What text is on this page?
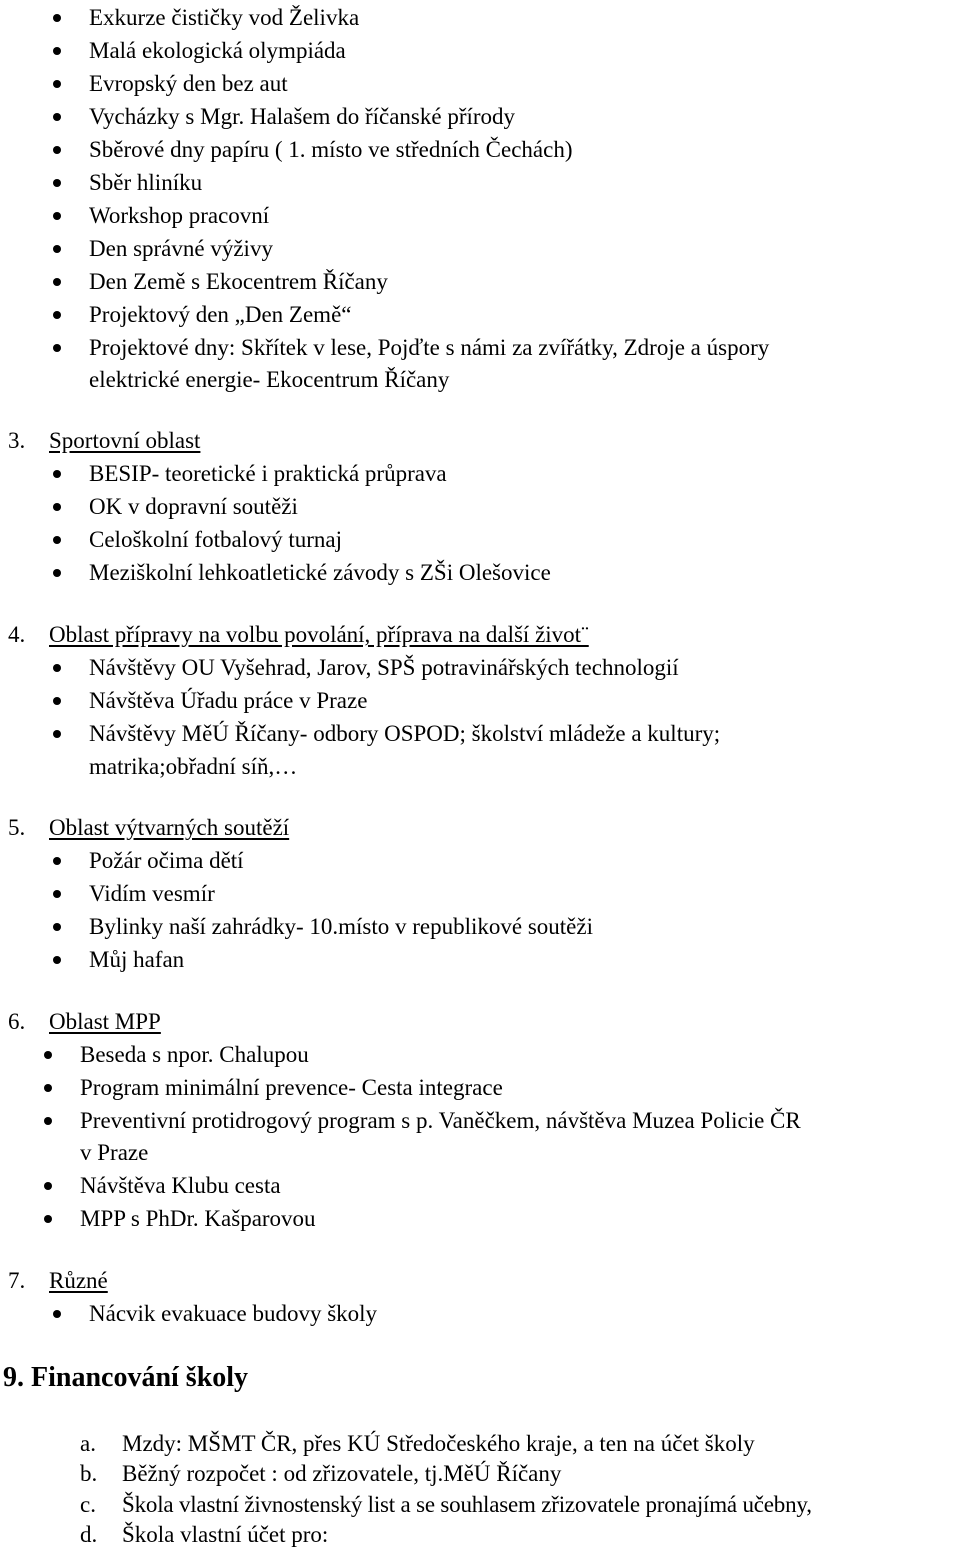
Exkurze čističky vod Želivka
Malá ekologická olympiáda
Evropský den bez aut
Vycházky s Mgr. Halašem do říčanské přírody
Sběrové dny papíru ( 1. místo ve středních Čechách)
Sběr hliníku
Workshop pracovní
Den správné výživy
Den Země s Ekocentrem Říčany
Projektový den „Den Země“
Projektové dny: Skřítek v lese, Pojďte s námi za zvířátky, Zdroje a úspory
elektrické energie- Ekocentrum Říčany
3. Sportovní oblast
BESIP- teoretické i praktická průprava
OK v dopravní soutěži
Celoškolní fotbalový turnaj
Meziškolní lehkoatletické závody s ZŠi Olešovice
4. Oblast přípravy na volbu povolání, příprava na další život¨
Návštěvy OU Vyšehrad, Jarov, SPŠ potravinářských technologií
Návštěva Úřadu práce v Praze
Návštěvy MěÚ Říčany- odbory OSPOD; školství mládeže a kultury;
matrika;obřadní síň,…
5. Oblast výtvarných soutěží
Požár očima dětí
Vidím vesmír
Bylinky naší zahrádky- 10.místo v republikové soutěži
Můj hafan
6. Oblast MPP
Beseda s npor. Chalupou
Program minimální prevence- Cesta integrace
Preventivní protidrogový program s p. Vaněčkem, návštěva Muzea Policie ČR
v Praze
Návštěva Klubu cesta
MPP s PhDr. Kašparovou
7. Různé
Nácvik evakuace budovy školy
9. Financování školy
a. Mzdy: MŠMT ČR, přes KÚ Středočeského kraje, a ten na účet školy
b. Běžný rozpočet : od zřizovatele, tj.MěÚ Říčany
c. Škola vlastní živnostenský list a se souhlasem zřizovatele pronajímá učebny,
d. Škola vlastní účet pro:
